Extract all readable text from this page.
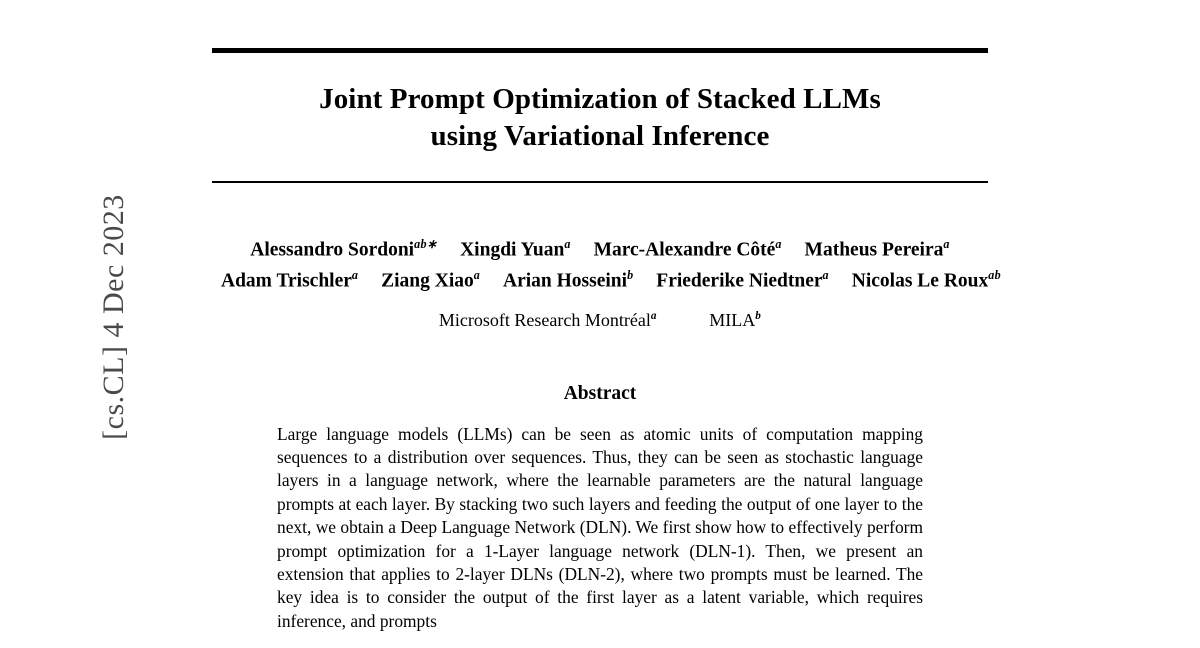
[cs.CL] 4 Dec 2023
Joint Prompt Optimization of Stacked LLMs
using Variational Inference
Alessandro Sordoni$^{ab∗}$ Xingdi Yuan$^a$ Marc-Alexandre Côté$^a$ Matheus Pereira$^a$
Adam Trischler$^a$ Ziang Xiao$^a$ Arian Hosseini$^b$ Friederike Niedtner$^a$ Nicolas Le Roux$^{ab}$
Microsoft Research Montréal$^a$	MILA$^b$
Abstract
Large language models (LLMs) can be seen as atomic units of computation mapping sequences to a distribution over sequences. Thus, they can be seen as stochastic language layers in a language network, where the learnable parameters are the natural language prompts at each layer. By stacking two such layers and feeding the output of one layer to the next, we obtain a Deep Language Network (DLN). We first show how to effectively perform prompt optimization for a 1-Layer language network (DLN-1). Then, we present an extension that applies to 2-layer DLNs (DLN-2), where two prompts must be learned. The key idea is to consider the output of the first layer as a latent variable, which requires inference, and prompts
